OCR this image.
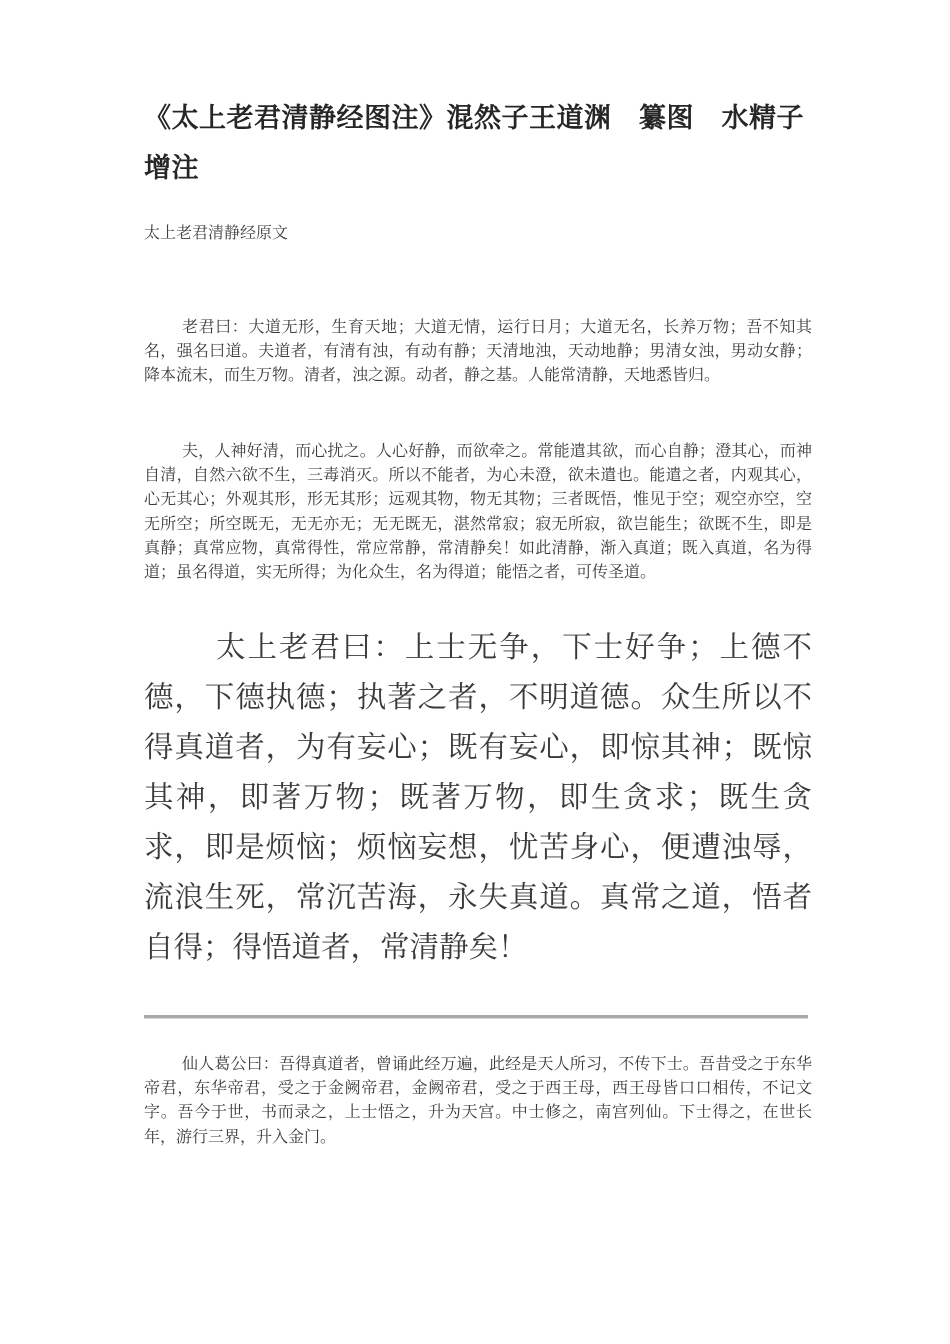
《太上老君清静经图注》混然子王道渊　纂图　水精子　增注
太上老君清静经原文

老君曰：大道无形，生育天地；大道无情，运行日月；大道无名，长养万物；吾不知其名，强名曰道。夫道者，有清有浊，有动有静；天清地浊，天动地静；男清女浊，男动女静；降本流末，而生万物。清者，浊之源。动者，静之基。人能常清静，天地悉皆归。

夫，人神好清，而心扰之。人心好静，而欲牵之。常能遣其欲，而心自静；澄其心，而神自清，自然六欲不生，三毒消灭。所以不能者，为心未澄，欲未遣也。能遣之者，内观其心，心无其心；外观其形，形无其形；远观其物，物无其物；三者既悟，惟见于空；观空亦空，空无所空；所空既无，无无亦无；无无既无，湛然常寂；寂无所寂，欲岂能生；欲既不生，即是真静；真常应物，真常得性，常应常静，常清静矣！如此清静，渐入真道；既入真道，名为得道；虽名得道，实无所得；为化众生，名为得道；能悟之者，可传圣道。

太上老君曰：上士无争，下士好争；上德不德，下德执德；执著之者，不明道德。众生所以不得真道者，为有妄心；既有妄心，即惊其神；既惊其神，即著万物；既著万物，即生贪求；既生贪求，即是烦恼；烦恼妄想，忧苦身心，便遭浊辱，流浪生死，常沉苦海，永失真道。真常之道，悟者自得；得悟道者，常清静矣！

仙人葛公曰：吾得真道者，曾诵此经万遍，此经是天人所习，不传下士。吾昔受之于东华帝君，东华帝君，受之于金阙帝君，金阙帝君，受之于西王母，西王母皆口口相传，不记文字。吾今于世，书而录之，上士悟之，升为天宫。中士修之，南宫列仙。下士得之，在世长年，游行三界，升入金门。
